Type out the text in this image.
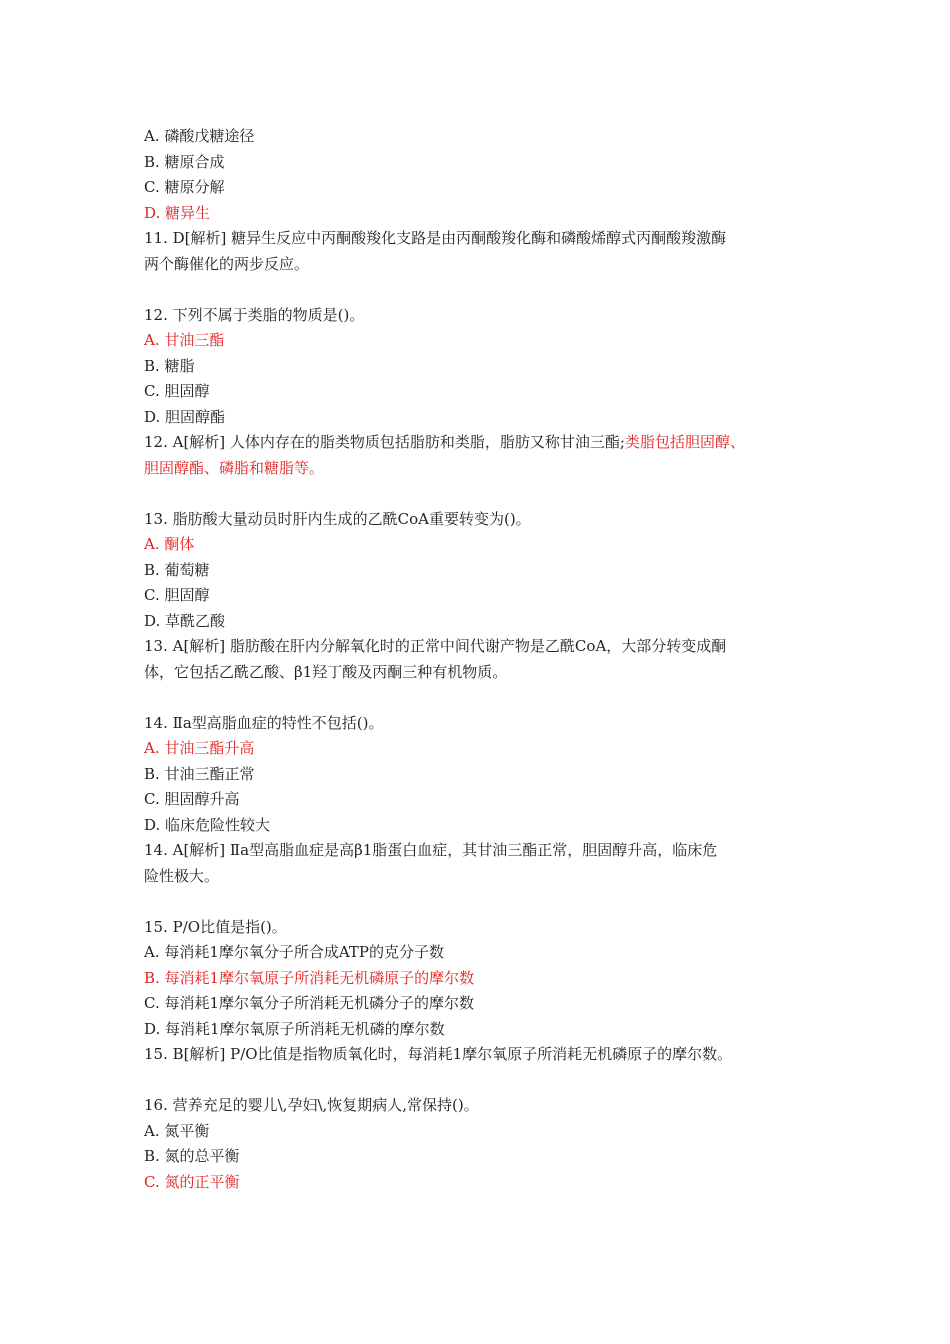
A. 磷酸戊糖途径
B. 糖原合成
C. 糖原分解
D. 糖异生
11. D[解析] 糖异生反应中丙酮酸羧化支路是由丙酮酸羧化酶和磷酸烯醇式丙酮酸羧激酶
两个酶催化的两步反应。
12. 下列不属于类脂的物质是()。
A. 甘油三酯
B. 糖脂
C. 胆固醇
D. 胆固醇酯
12. A[解析] 人体内存在的脂类物质包括脂肪和类脂，脂肪又称甘油三酯;类脂包括胆固醇、
胆固醇酯、磷脂和糖脂等。
13. 脂肪酸大量动员时肝内生成的乙酰CoA重要转变为()。
A. 酮体
B. 葡萄糖
C. 胆固醇
D. 草酰乙酸
13. A[解析] 脂肪酸在肝内分解氧化时的正常中间代谢产物是乙酰CoA，大部分转变成酮
体，它包括乙酰乙酸、β1羟丁酸及丙酮三种有机物质。
14. Ⅱa型高脂血症的特性不包括()。
A. 甘油三酯升高
B. 甘油三酯正常
C. 胆固醇升高
D. 临床危险性较大
14. A[解析] Ⅱa型高脂血症是高β1脂蛋白血症，其甘油三酯正常，胆固醇升高，临床危
险性极大。
15. P/O比值是指()。
A. 每消耗1摩尔氧分子所合成ATP的克分子数
B. 每消耗1摩尔氧原子所消耗无机磷原子的摩尔数
C. 每消耗1摩尔氧分子所消耗无机磷分子的摩尔数
D. 每消耗1摩尔氧原子所消耗无机磷的摩尔数
15. B[解析] P/O比值是指物质氧化时，每消耗1摩尔氧原子所消耗无机磷原子的摩尔数。
16. 营养充足的婴儿\,孕妇\,恢复期病人,常保持()。
A. 氮平衡
B. 氮的总平衡
C. 氮的正平衡
